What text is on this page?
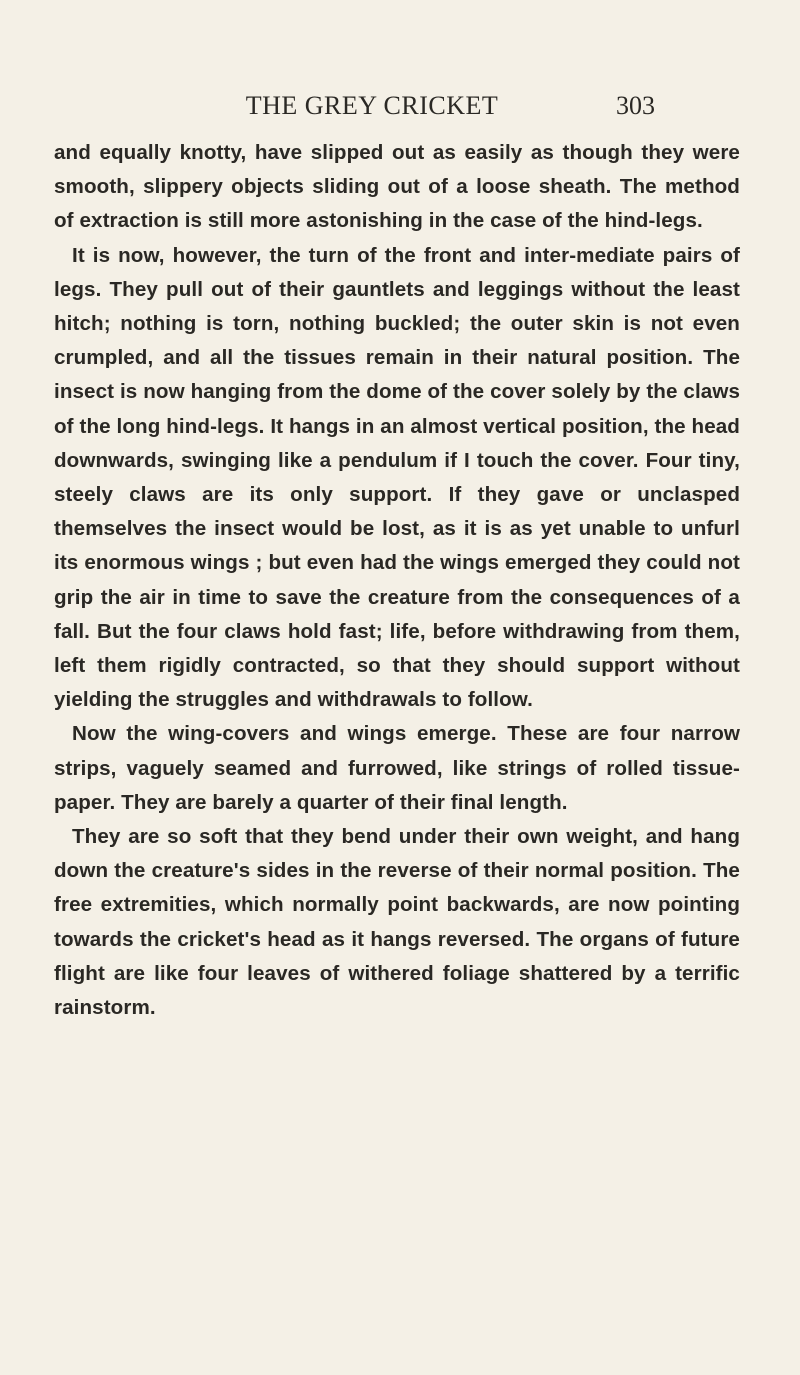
THE GREY CRICKET	303

and equally knotty, have slipped out as easily as though they were smooth, slippery objects sliding out of a loose sheath. The method of extraction is still more astonishing in the case of the hind-legs.

It is now, however, the turn of the front and inter-mediate pairs of legs. They pull out of their gauntlets and leggings without the least hitch; nothing is torn, nothing buckled; the outer skin is not even crumpled, and all the tissues remain in their natural position. The insect is now hanging from the dome of the cover solely by the claws of the long hind-legs. It hangs in an almost vertical position, the head downwards, swinging like a pendulum if I touch the cover. Four tiny, steely claws are its only support. If they gave or unclasped themselves the insect would be lost, as it is as yet unable to unfurl its enormous wings ; but even had the wings emerged they could not grip the air in time to save the creature from the consequences of a fall. But the four claws hold fast; life, before withdrawing from them, left them rigidly contracted, so that they should support without yielding the struggles and withdrawals to follow.

Now the wing-covers and wings emerge. These are four narrow strips, vaguely seamed and furrowed, like strings of rolled tissue-paper. They are barely a quarter of their final length.

They are so soft that they bend under their own weight, and hang down the creature's sides in the reverse of their normal position. The free extremities, which normally point backwards, are now pointing towards the cricket's head as it hangs reversed. The organs of future flight are like four leaves of withered foliage shattered by a terrific rainstorm.
